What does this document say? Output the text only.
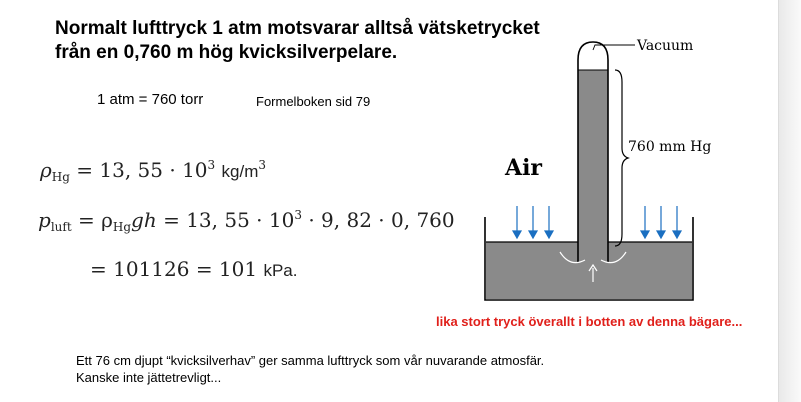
Normalt lufttryck 1 atm motsvarar alltså vätsketrycket från en 0,760 m hög kvicksilverpelare.
1 atm = 760 torr	Formelboken sid 79
$\rho_{Hg} = 13$, $55 \cdot 10^3$ $kg/m^3$
$p_{luft} = \rho_{Hg}gh = 13$, $55 \cdot 10^3 \cdot 9$, 82 · 0, 760
= 101126 = 101 kPa.
Vacuum
760 mm Hg
Air
lika stort tryck överallt i botten av denna bägare...
Ett 76 cm djupt “kvicksilverhav” ger samma lufttryck som vår nuvarande atmosfär.
Kanske inte jättetrevligt...
